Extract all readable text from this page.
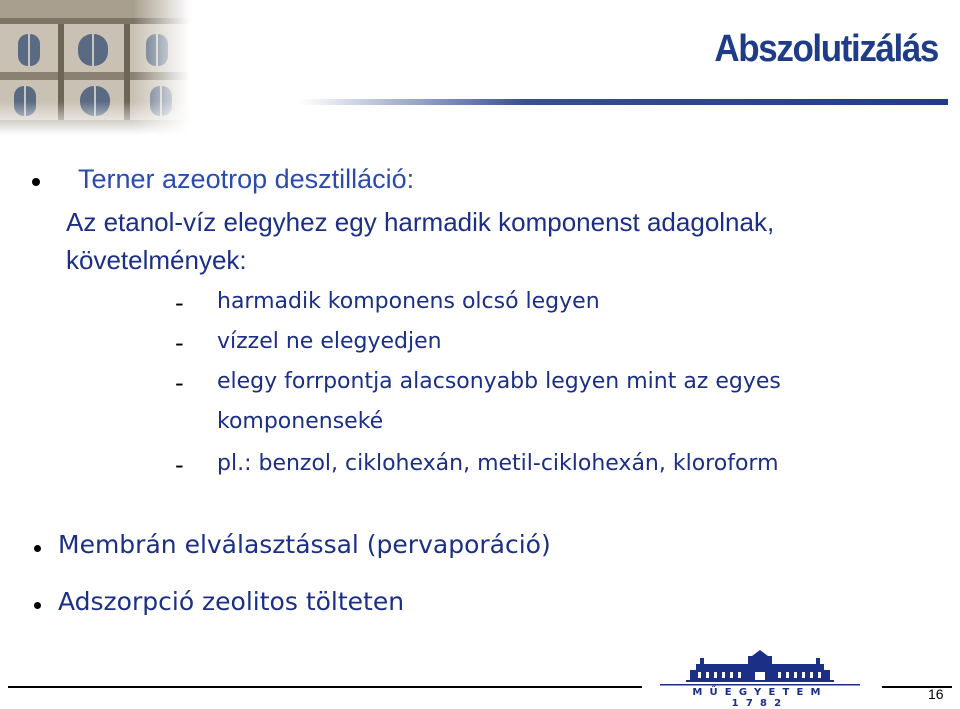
Abszolutizálás
Terner azeotrop desztilláció:
Az etanol-víz elegyhez egy harmadik komponenst adagolnak,
követelmények:
- harmadik komponens olcsó legyen
- vízzel ne elegyedjen
- elegy forrpontja alacsonyabb legyen mint az egyes
komponenseké
- pl.: benzol, ciklohexán, metil-ciklohexán, kloroform
Membrán elválasztással (pervaporáció)
Adszorpció zeolitos tölteten
MŰEGYETEM 1782
16
